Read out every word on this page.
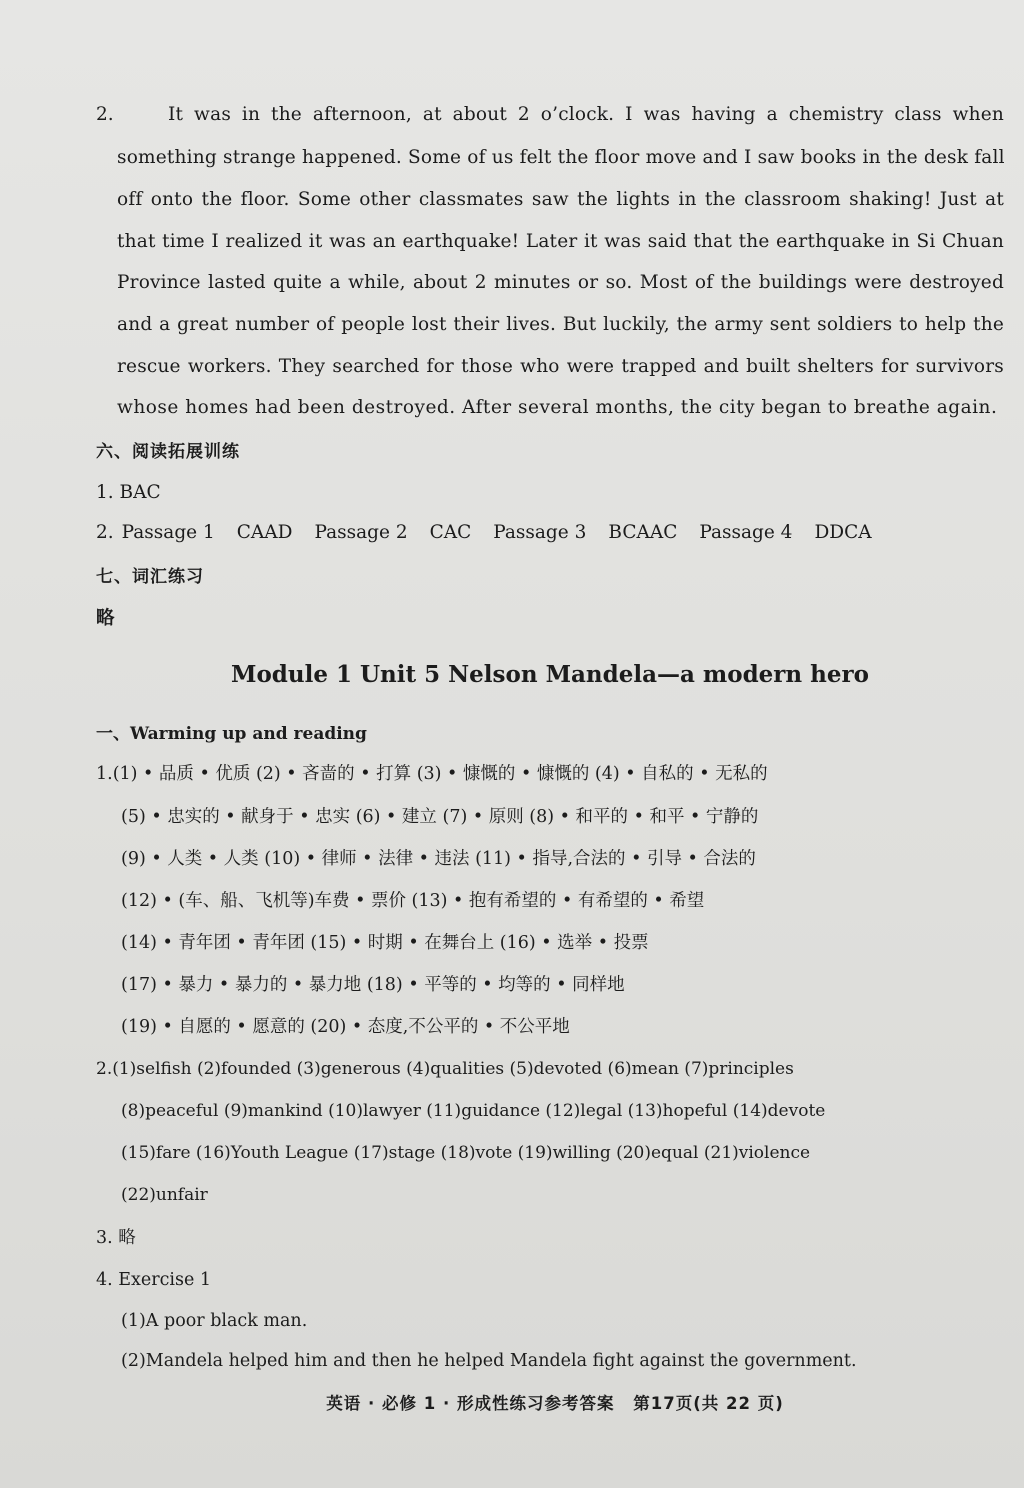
2.	It was in the afternoon, at about 2 o’clock. I was having a chemistry class when
something strange happened. Some of us felt the floor move and I saw books in the desk fall
off onto the floor. Some other classmates saw the lights in the classroom shaking! Just at
that time I realized it was an earthquake! Later it was said that the earthquake in Si Chuan
Province lasted quite a while, about 2 minutes or so. Most of the buildings were destroyed
and a great number of people lost their lives. But luckily, the army sent soldiers to help the
rescue workers. They searched for those who were trapped and built shelters for survivors
whose homes had been destroyed. After several months, the city began to breathe again.
六、阅读拓展训练
1. BAC
2. Passage 1 CAAD Passage 2 CAC Passage 3 BCAAC Passage 4 DDCA
七、词汇练习
略
Module 1 Unit 5 Nelson Mandela—a modern hero
一、Warming up and reading
1.(1) • 品质 • 优质 (2) • 吝啬的 • 打算 (3) • 慷慨的 • 慷慨的 (4) • 自私的 • 无私的
(5) • 忠实的 • 献身于 • 忠实 (6) • 建立 (7) • 原则 (8) • 和平的 • 和平 • 宁静的
(9) • 人类 • 人类 (10) • 律师 • 法律 • 违法 (11) • 指导,合法的 • 引导 • 合法的
(12) • (车、船、飞机等)车费 • 票价 (13) • 抱有希望的 • 有希望的 • 希望
(14) • 青年团 • 青年团 (15) • 时期 • 在舞台上 (16) • 选举 • 投票
(17) • 暴力 • 暴力的 • 暴力地 (18) • 平等的 • 均等的 • 同样地
(19) • 自愿的 • 愿意的 (20) • 态度,不公平的 • 不公平地
2.(1)selfish (2)founded (3)generous (4)qualities (5)devoted (6)mean (7)principles
(8)peaceful (9)mankind (10)lawyer (11)guidance (12)legal (13)hopeful (14)devote
(15)fare (16)Youth League (17)stage (18)vote (19)willing (20)equal (21)violence
(22)unfair
3. 略
4. Exercise 1
(1)A poor black man.
(2)Mandela helped him and then he helped Mandela fight against the government.
英语 · 必修 1 · 形成性练习参考答案 第17页(共 22 页)
